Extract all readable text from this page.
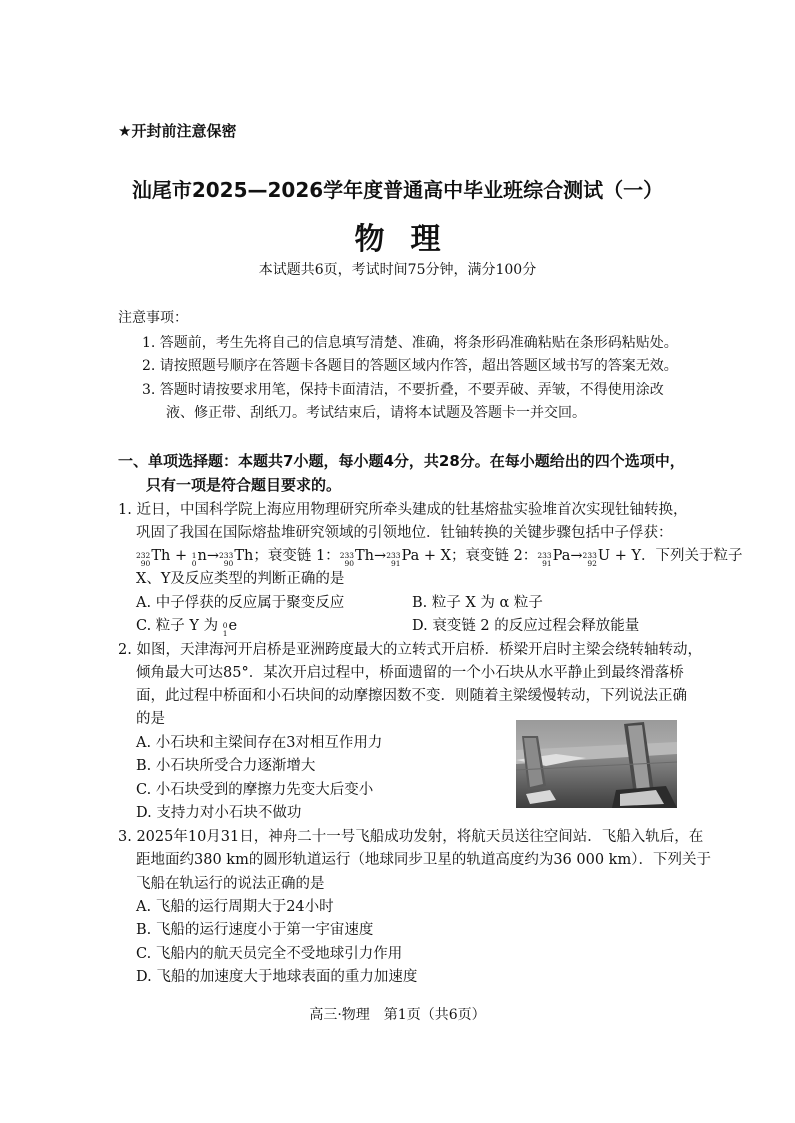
★开封前注意保密
汕尾市2025—2026学年度普通高中毕业班综合测试（一）
物理
本试题共6页，考试时间75分钟，满分100分
注意事项：
1. 答题前，考生先将自己的信息填写清楚、准确，将条形码准确粘贴在条形码粘贴处。
2. 请按照题号顺序在答题卡各题目的答题区域内作答，超出答题区域书写的答案无效。
3. 答题时请按要求用笔，保持卡面清洁，不要折叠，不要弄破、弄皱，不得使用涂改
液、修正带、刮纸刀。考试结束后，请将本试题及答题卡一并交回。
一、单项选择题：本题共7小题，每小题4分，共28分。在每小题给出的四个选项中，
只有一项是符合题目要求的。
1. 近日，中国科学院上海应用物理研究所牵头建成的钍基熔盐实验堆首次实现钍铀转换，
巩固了我国在国际熔盐堆研究领域的引领地位．钍铀转换的关键步骤包括中子俘获：
232
90 Th + 1
0 n→ 233
90 Th；衰变链 1： 233
90 Th→ 233
91 Pa + X；衰变链 2： 233
91 Pa→ 233
92 U + Y．下列关于粒子
X、Y及反应类型的判断正确的是
A. 中子俘获的反应属于聚变反应	B. 粒子 X 为 α 粒子
C. 粒子 Y 为 0
1 e	D. 衰变链 2 的反应过程会释放能量
2. 如图，天津海河开启桥是亚洲跨度最大的立转式开启桥．桥梁开启时主梁会绕转轴转动，
倾角最大可达85°．某次开启过程中，桥面遗留的一个小石块从水平静止到最终滑落桥
面，此过程中桥面和小石块间的动摩擦因数不变．则随着主梁缓慢转动，下列说法正确
的是
A. 小石块和主梁间存在3对相互作用力
B. 小石块所受合力逐渐增大
C. 小石块受到的摩擦力先变大后变小
D. 支持力对小石块不做功
3. 2025年10月31日，神舟二十一号飞船成功发射，将航天员送往空间站．飞船入轨后，在
距地面约380 km的圆形轨道运行（地球同步卫星的轨道高度约为36 000 km）．下列关于
飞船在轨运行的说法正确的是
A. 飞船的运行周期大于24小时
B. 飞船的运行速度小于第一宇宙速度
C. 飞船内的航天员完全不受地球引力作用
D. 飞船的加速度大于地球表面的重力加速度
高三·物理　第1页（共6页）
